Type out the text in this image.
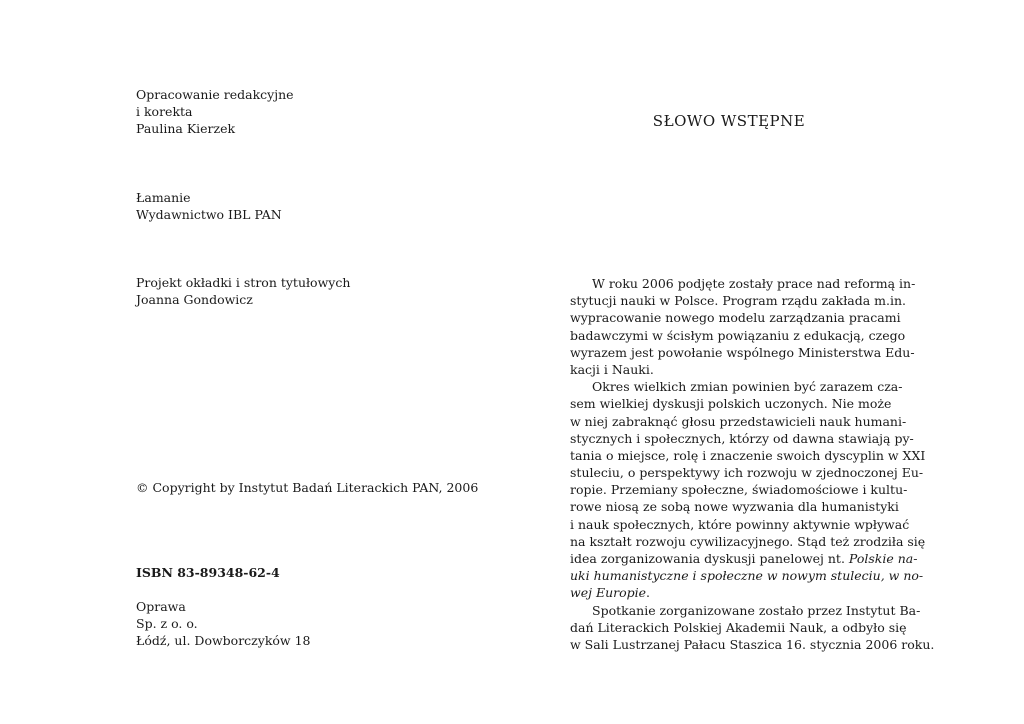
Opracowanie redakcyjne
i korekta
Paulina Kierzek
Łamanie
Wydawnictwo IBL PAN
Projekt okładki i stron tytułowych
Joanna Gondowicz
© Copyright by Instytut Badań Literackich PAN, 2006
ISBN 83-89348-62-4
Oprawa
Sp. z o. o.
Łódź, ul. Dowborczyków 18
SŁOWO WSTĘPNE
W roku 2006 podjęte zostały prace nad reformą in-
stytucji nauki w Polsce. Program rządu zakłada m.in.
wypracowanie nowego modelu zarządzania pracami
badawczymi w ścisłym powiązaniu z edukacją, czego
wyrazem jest powołanie wspólnego Ministerstwa Edu-
kacji i Nauki.
Okres wielkich zmian powinien być zarazem cza-
sem wielkiej dyskusji polskich uczonych. Nie może
w niej zabraknąć głosu przedstawicieli nauk humani-
stycznych i społecznych, którzy od dawna stawiają py-
tania o miejsce, rolę i znaczenie swoich dyscyplin w XXI
stuleciu, o perspektywy ich rozwoju w zjednoczonej Eu-
ropie. Przemiany społeczne, świadomościowe i kultu-
rowe niosą ze sobą nowe wyzwania dla humanistyki
i nauk społecznych, które powinny aktywnie wpływać
na kształt rozwoju cywilizacyjnego. Stąd też zrodziła się
idea zorganizowania dyskusji panelowej nt. Polskie na-
uki humanistyczne i społeczne w nowym stuleciu, w no-
wej Europie.
Spotkanie zorganizowane zostało przez Instytut Ba-
dań Literackich Polskiej Akademii Nauk, a odbyło się
w Sali Lustrzanej Pałacu Staszica 16. stycznia 2006 roku.
